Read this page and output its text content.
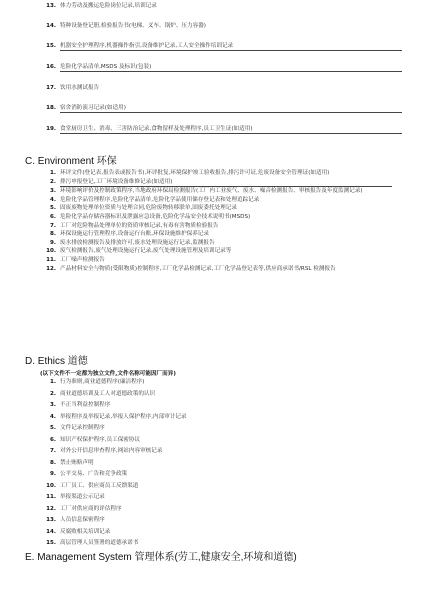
13. 体力劳动及搬运危险岗位记录,培训记录
14. 特种设备登记册,检验报告书(电梯、叉车、锅炉、压力容器)
15. 机器安全护理程序,机器操作指引,设备维护记录,工人安全操作培训记录
16. 危险化学品清单,MSDS 及标识(包装)
17. 饮用水测试报告
18. 宿舍消防演习记录(如适用)
19. 食堂厨房卫生、消毒、三害防治记录,食物留样及处理程序,员工卫生证(如适用)

C. Environment 环保

1. 环评文件(登记表,报告表或报告书),环评批复,环境保护竣工验收报告,排污许可证,危废设备安全管理证(如适用)
2. 排污申报登记,工厂环境设备维修记录(如适用)
3. 环境影响评价及控制政策程序,当地政府环保局检测报告(工厂内工业废气、废水、噪音检测报告、审核报告及年度监测记录)
4. 危险化学品管理程序,危险化学品清单,危险化学品使用储存登记表和处理追踪记录
5. 固废废物处理单位资质与处理合同,危险废物转移联单,固废委托处理记录
6. 危险化学品存储容器标识及泄露应急设备,危险化学品安全技术说明书(MSDS)
7. 工厂对危险物品处理单位的资质审核记录,有毒有害物质检验报告
8. 环保设施运行管理程序,设备运行台账,环保设施维护保养记录
9. 废水排放检测报告及排放许可,废水处理设施运行记录,监测报告
10. 废气检测报告,废气处理设施运行记录,废气处理设施管理及培训记录等
11. 工厂噪声检测报告
12. 产品材料安全与物质(受限物质)控制程序,工厂化学品检测记录,工厂化学品登记表等,供应商承诺书/RSL 检测报告

D. Ethics 道德

(以下文件不一定都为独立文件,文件名称可能因厂而异)

1. 行为准则,商业道德程序(廉洁程序)
2. 商业道德培训及工人对道德政策的认识
3. 不正当利益控制程序
4. 举报程序及举报记录,举报人保护程序,内部审计记录
5. 文件记录控制程序
6. 知识产权保护程序,员工保密协议
7. 对外公开信息审查程序,网站内容审核记录
8. 禁止贿赂声明
9. 公平交易、广告和竞争政策
10. 工厂员工、供应商员工反馈渠道
11. 举报渠道公示记录
12. 工厂对供应商的评估程序
13. 人员信息保密程序
14. 反腐败相关培训记录
15. 高层管理人员签署的道德承诺书

E. Management System 管理体系(劳工,健康安全,环境和道德)
